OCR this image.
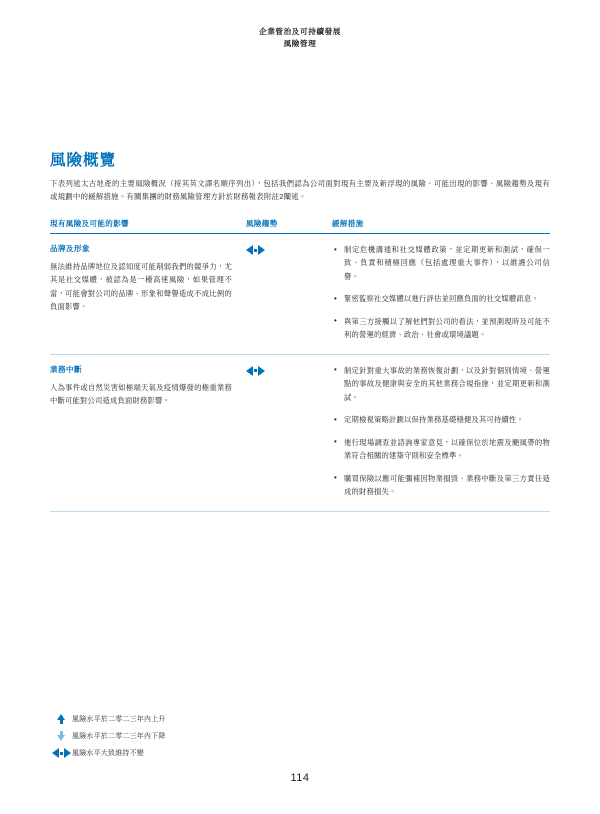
企業管治及可持續發展
風險管理
風險概覽
下表列述太古地產的主要風險概況（按其英文譯名順序列出），包括我們認為公司面對現有主要及新浮現的風險、可能出現的影響、風險趨勢及現有或規劃中的緩解措施。有關集團的財務風險管理方針於財務報表附註2闡述。
現有風險及可能的影響	風險趨勢	緩解措施
品牌及形象
無法維持品牌地位及認知度可能削弱我們的競爭力，尤其是社交媒體，被認為是一種高速風險，如果管理不當，可能會對公司的品牌、形象和聲譽造成不成比例的負面影響。
• 制定危機溝通和社交媒體政策，並定期更新和測試，確保一致、負責和積極回應（包括處理重大事件），以維護公司信譽。
• 緊密監察社交媒體以進行評估並回應負面的社交媒體訊息。
• 與第三方接觸以了解他們對公司的看法，並預測現時及可能不利的營運的經濟、政治、社會或環境議題。
業務中斷
人為事件或自然災害如極端天氣及疫情爆發的極重業務中斷可能對公司造成負面財務影響。
• 制定針對重大事故的業務恢復計劃，以及針對個別情境、營運點的事故及健康與安全的其他業務合規指施，並定期更新和測試。
• 定期檢視策略計劃以保持業務基礎穩健及其可持續性。
• 進行現場調查並諮詢專家意見，以確保位於地震及颶風帶的物業符合相關的建築守則和安全標準。
• 購買保險以應可能彌補因物業損毀、業務中斷及第三方責任造成的財務損失。
風險水平於二零二三年內上升
風險水平於二零二三年內下降
風險水平大致維持不變
114
